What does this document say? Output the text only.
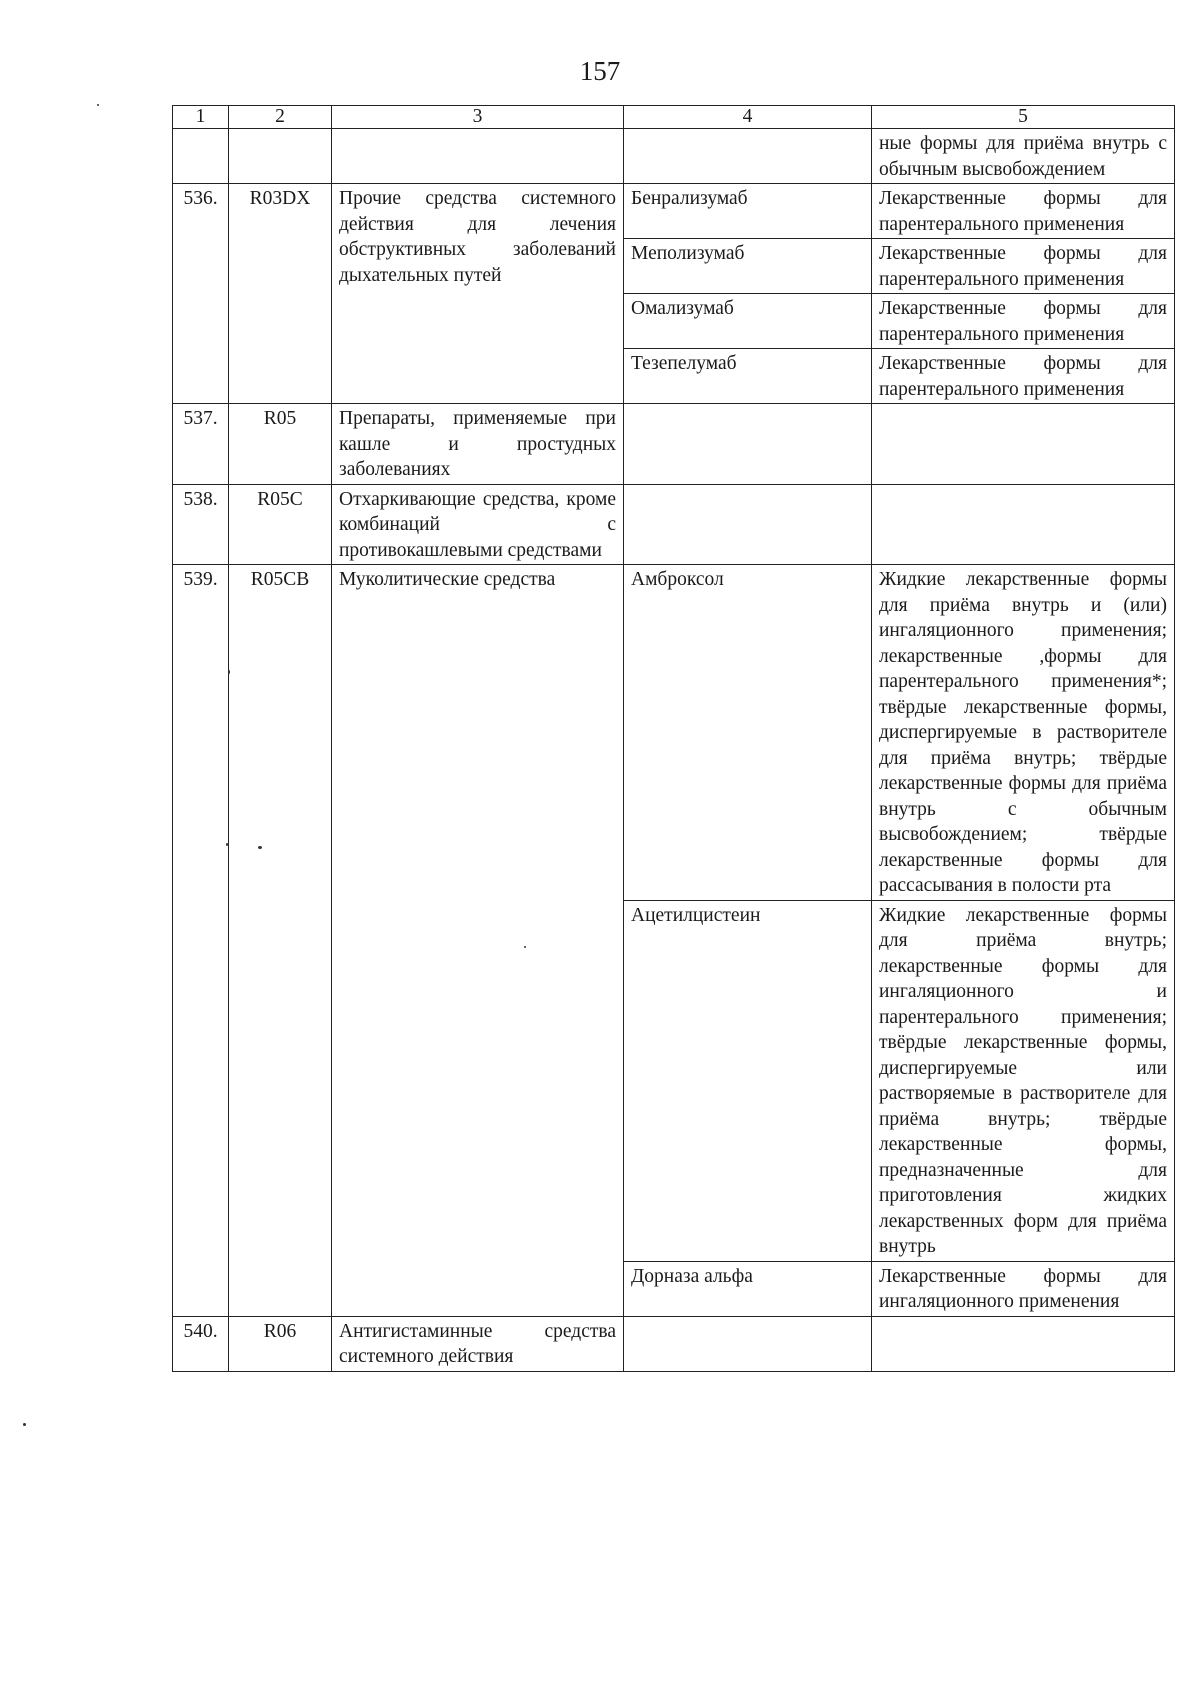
157
1	2	3	4	5
				ные формы для приёма внутрь с обычным высвобождением
536.	R03DX	Прочие средства системного действия для лечения обструктивных заболеваний дыхательных путей	Бенрализумаб	Лекарственные формы для парентерального применения
			Меполизумаб	Лекарственные формы для парентерального применения
			Омализумаб	Лекарственные формы для парентерального применения
			Тезепелумаб	Лекарственные формы для парентерального применения
537.	R05	Препараты, применяемые при кашле и простудных заболеваниях		
538.	R05C	Отхаркивающие средства, кроме комбинаций с противокашлевыми средствами		
539.	R05CB	Муколитические средства	Амброксол	Жидкие лекарственные формы для приёма внутрь и (или) ингаляционного применения; лекарственные ,формы для парентерального применения*; твёрдые лекарственные формы, диспергируемые в растворителе для приёма внутрь; твёрдые лекарственные формы для приёма внутрь с обычным высвобождением; твёрдые лекарственные формы для рассасывания в полости рта
			Ацетилцистеин	Жидкие лекарственные формы для приёма внутрь; лекарственные формы для ингаляционного и парентерального применения; твёрдые лекарственные формы, диспергируемые или растворяемые в растворителе для приёма внутрь; твёрдые лекарственные формы, предназначенные для приготовления жидких лекарственных форм для приёма внутрь
			Дорназа альфа	Лекарственные формы для ингаляционного применения
540.	R06	Антигистаминные средства системного действия		
